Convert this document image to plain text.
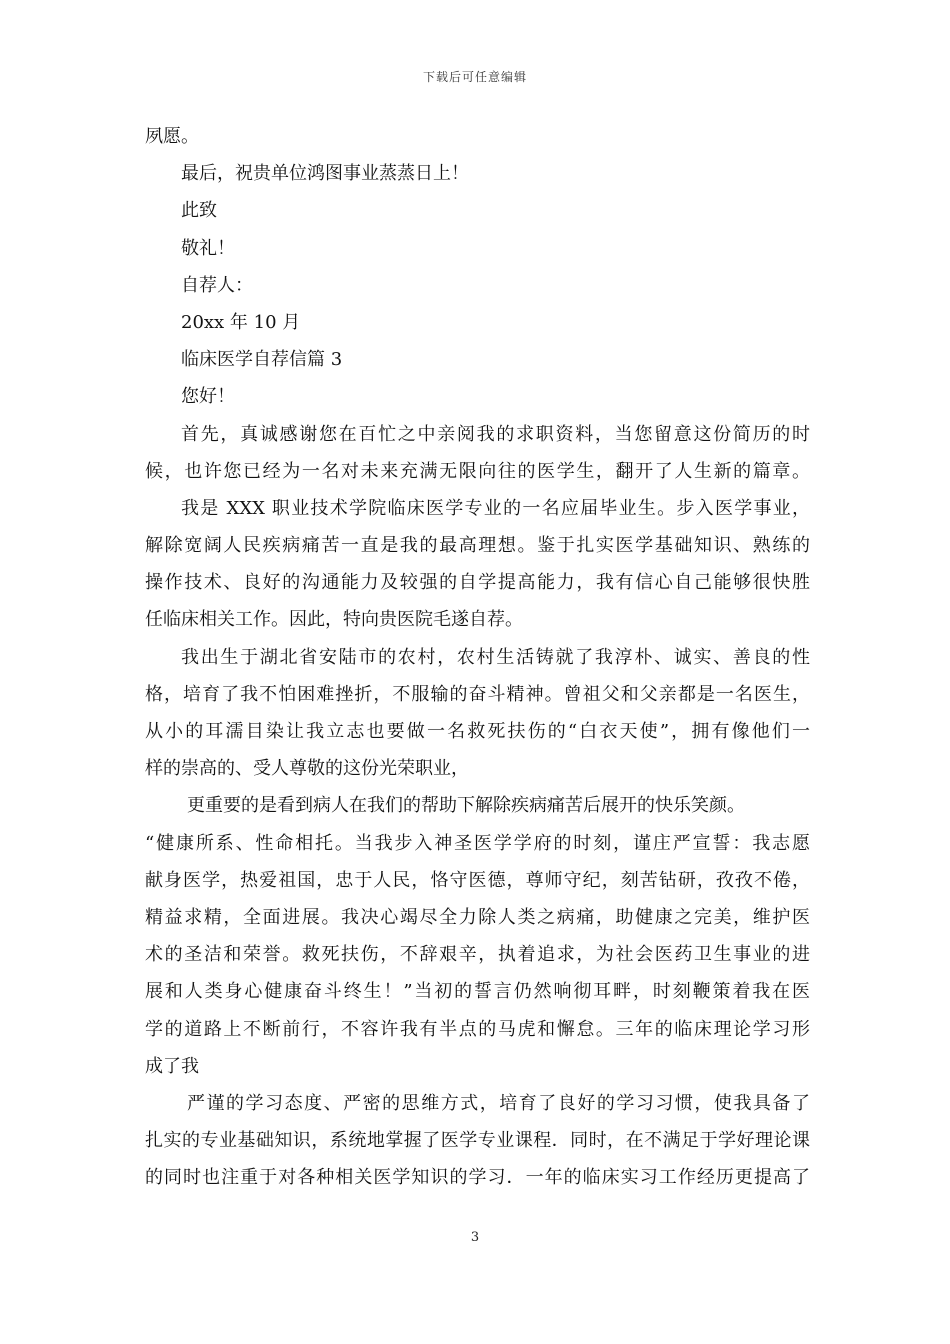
下载后可任意编辑
夙愿。
最后，祝贵单位鸿图事业蒸蒸日上！
此致
敬礼！
自荐人：
20xx 年 10 月
临床医学自荐信篇 3
您好！
首先，真诚感谢您在百忙之中亲阅我的求职资料，当您留意这份简历的时
候，也许您已经为一名对未来充满无限向往的医学生，翻开了人生新的篇章。
我是 XXX 职业技术学院临床医学专业的一名应届毕业生。步入医学事业，
解除宽阔人民疾病痛苦一直是我的最高理想。鉴于扎实医学基础知识、熟练的
操作技术、良好的沟通能力及较强的自学提高能力，我有信心自己能够很快胜
任临床相关工作。因此，特向贵医院毛遂自荐。
我出生于湖北省安陆市的农村，农村生活铸就了我淳朴、诚实、善良的性
格，培育了我不怕困难挫折，不服输的奋斗精神。曾祖父和父亲都是一名医生，
从小的耳濡目染让我立志也要做一名救死扶伤的“白衣天使”，拥有像他们一
样的崇高的、受人尊敬的这份光荣职业，
更重要的是看到病人在我们的帮助下解除疾病痛苦后展开的快乐笑颜。
“健康所系、性命相托。当我步入神圣医学学府的时刻，谨庄严宣誓：我志愿
献身医学，热爱祖国，忠于人民，恪守医德，尊师守纪，刻苦钻研，孜孜不倦，
精益求精，全面进展。我决心竭尽全力除人类之病痛，助健康之完美，维护医
术的圣洁和荣誉。救死扶伤，不辞艰辛，执着追求，为社会医药卫生事业的进
展和人类身心健康奋斗终生！”当初的誓言仍然响彻耳畔，时刻鞭策着我在医
学的道路上不断前行，不容许我有半点的马虎和懈怠。三年的临床理论学习形
成了我
严谨的学习态度、严密的思维方式，培育了良好的学习习惯，使我具备了
扎实的专业基础知识，系统地掌握了医学专业课程．同时，在不满足于学好理论课
的同时也注重于对各种相关医学知识的学习．一年的临床实习工作经历更提高了
3
